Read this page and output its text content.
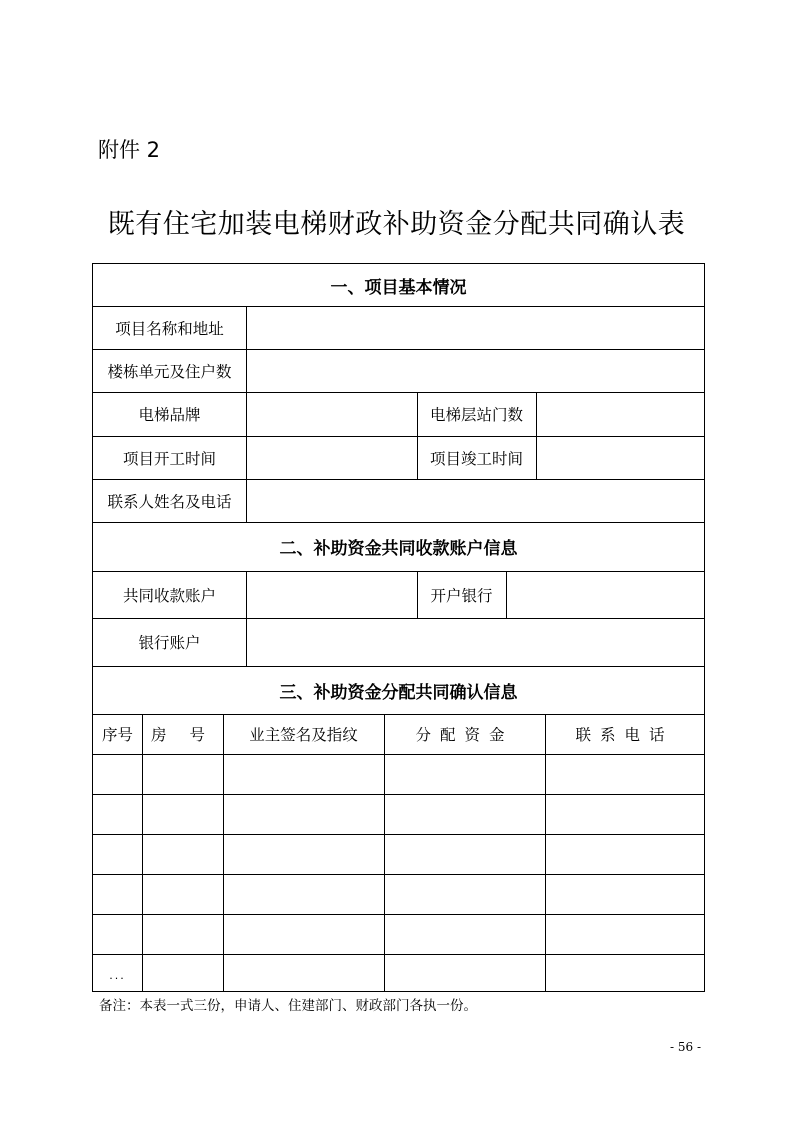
附件 2
既有住宅加装电梯财政补助资金分配共同确认表
一、项目基本情况
项目名称和地址
楼栋单元及住户数
电梯品牌	电梯层站门数
项目开工时间	项目竣工时间
联系人姓名及电话
二、补助资金共同收款账户信息
共同收款账户	开户银行
银行账户
三、补助资金分配共同确认信息
序号	房 号	业主签名及指纹	分配资金	联系电话
...
备注：本表一式三份，申请人、住建部门、财政部门各执一份。
- 56 -
